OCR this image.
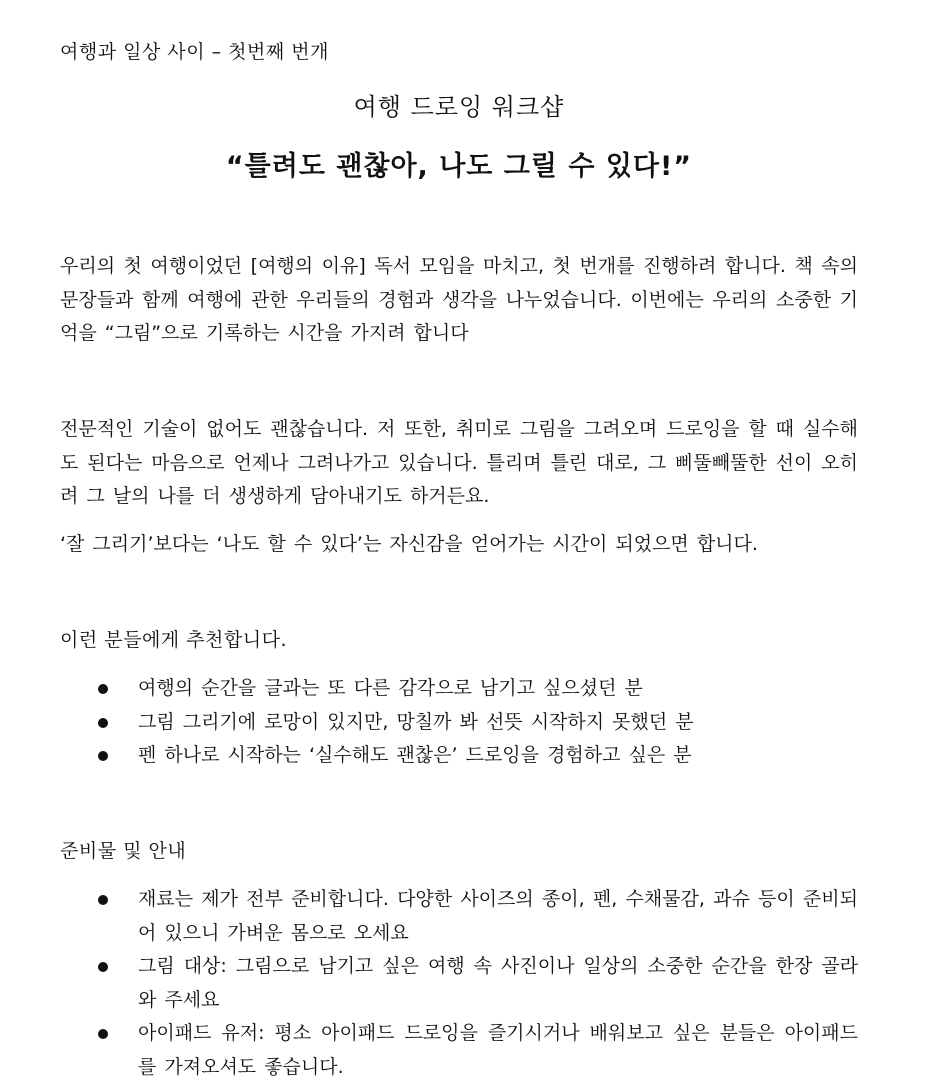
여행과 일상 사이 – 첫번째 번개
여행 드로잉 워크샵
“틀려도 괜찮아, 나도 그릴 수 있다!”
우리의 첫 여행이었던 [여행의 이유] 독서 모임을 마치고, 첫 번개를 진행하려 합니다. 책 속의 문장들과 함께 여행에 관한 우리들의 경험과 생각을 나누었습니다. 이번에는 우리의 소중한 기억을 “그림”으로 기록하는 시간을 가지려 합니다
전문적인 기술이 없어도 괜찮습니다. 저 또한, 취미로 그림을 그려오며 드로잉을 할 때 실수해도 된다는 마음으로 언제나 그려나가고 있습니다. 틀리며 틀린 대로, 그 삐뚤빼뚤한 선이 오히려 그 날의 나를 더 생생하게 담아내기도 하거든요.
‘잘 그리기’보다는 ‘나도 할 수 있다’는 자신감을 얻어가는 시간이 되었으면 합니다.
이런 분들에게 추천합니다.
여행의 순간을 글과는 또 다른 감각으로 남기고 싶으셨던 분
그림 그리기에 로망이 있지만, 망칠까 봐 선뜻 시작하지 못했던 분
펜 하나로 시작하는 ‘실수해도 괜찮은’ 드로잉을 경험하고 싶은 분
준비물 및 안내
재료는 제가 전부 준비합니다. 다양한 사이즈의 종이, 펜, 수채물감, 과슈 등이 준비되어 있으니 가벼운 몸으로 오세요
그림 대상: 그림으로 남기고 싶은 여행 속 사진이나 일상의 소중한 순간을 한장 골라와 주세요
아이패드 유저: 평소 아이패드 드로잉을 즐기시거나 배워보고 싶은 분들은 아이패드를 가져오셔도 좋습니다.
